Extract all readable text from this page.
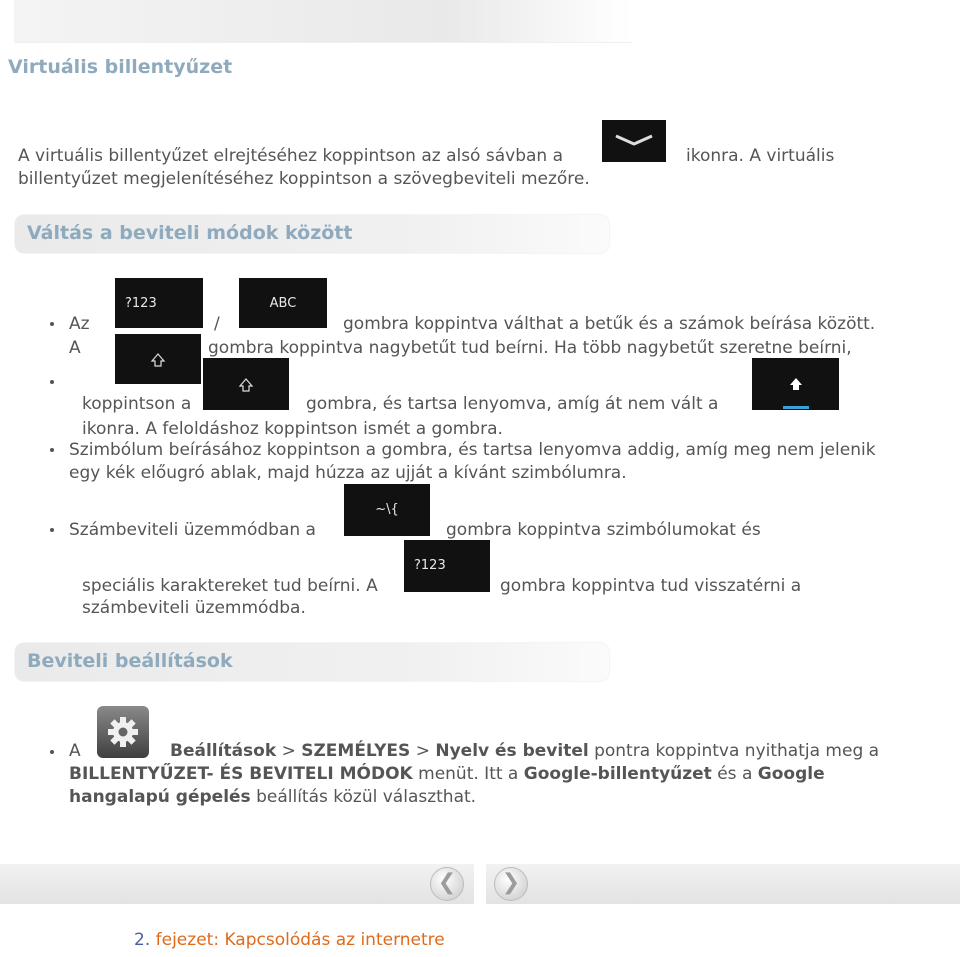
Virtuális billentyűzet
A virtuális billentyűzet elrejtéséhez koppintson az alsó sávban a	ikonra. A virtuális
billentyűzet megjelenítéséhez koppintson a szövegbeviteli mezőre.
Váltás a beviteli módok között
Az
?123
/
ABC
gombra koppintva válthat a betűk és a számok beírása között.
A	gombra koppintva nagybetűt tud beírni. Ha több nagybetűt szeretne beírni,
koppintson a	gombra, és tartsa lenyomva, amíg át nem vált a
ikonra. A feloldáshoz koppintson ismét a gombra.
Szimbólum beírásához koppintson a gombra, és tartsa lenyomva addig, amíg meg nem jelenik
egy kék előugró ablak, majd húzza az ujját a kívánt szimbólumra.
Számbeviteli üzemmódban a
~\{
gombra koppintva szimbólumokat és
speciális karaktereket tud beírni. A
?123
gombra koppintva tud visszatérni a
számbeviteli üzemmódba.
Beviteli beállítások
A	Beállítások > SZEMÉLYES > Nyelv és bevitel pontra koppintva nyithatja meg a
BILLENTYŰZET- ÉS BEVITELI MÓDOK menüt. Itt a Google-billentyűzet és a Google
hangalapú gépelés beállítás közül választhat.
❮	❯
2. fejezet: Kapcsolódás az internetre
